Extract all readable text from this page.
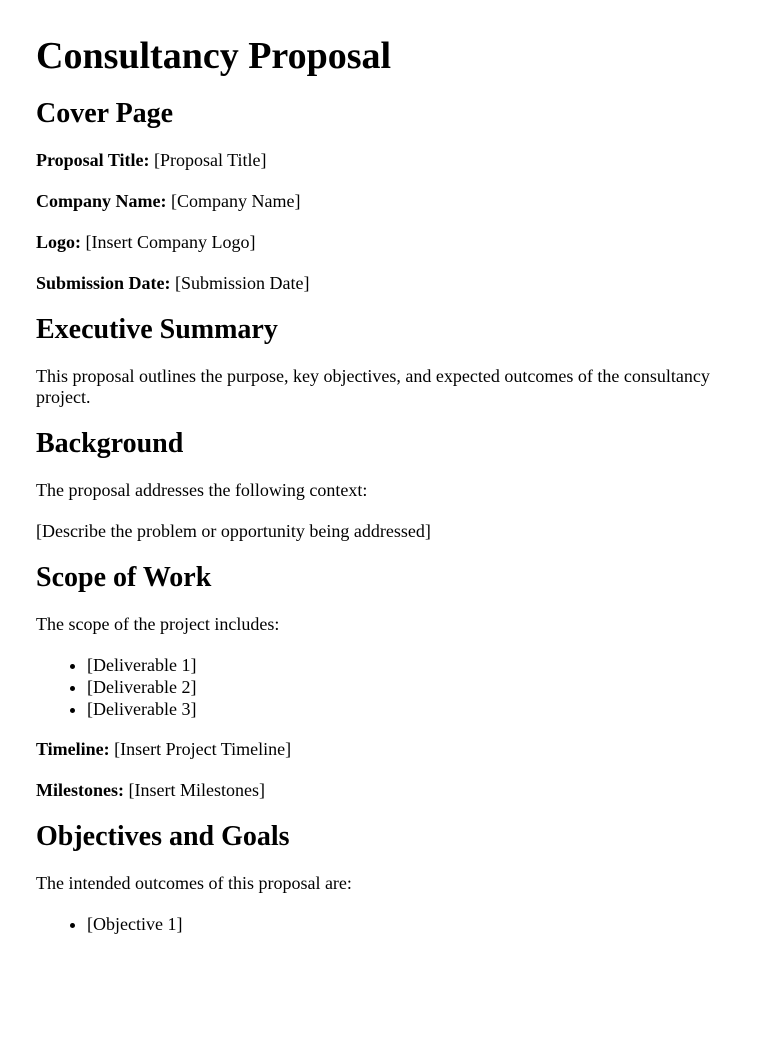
Consultancy Proposal
Cover Page

Proposal Title: [Proposal Title]

Company Name: [Company Name]

Logo: [Insert Company Logo]

Submission Date: [Submission Date]

Executive Summary

This proposal outlines the purpose, key objectives, and expected outcomes of the consultancy project.

Background

The proposal addresses the following context:

[Describe the problem or opportunity being addressed]

Scope of Work

The scope of the project includes:

• [Deliverable 1]
• [Deliverable 2]
• [Deliverable 3]

Timeline: [Insert Project Timeline]

Milestones: [Insert Milestones]

Objectives and Goals

The intended outcomes of this proposal are:

• [Objective 1]
